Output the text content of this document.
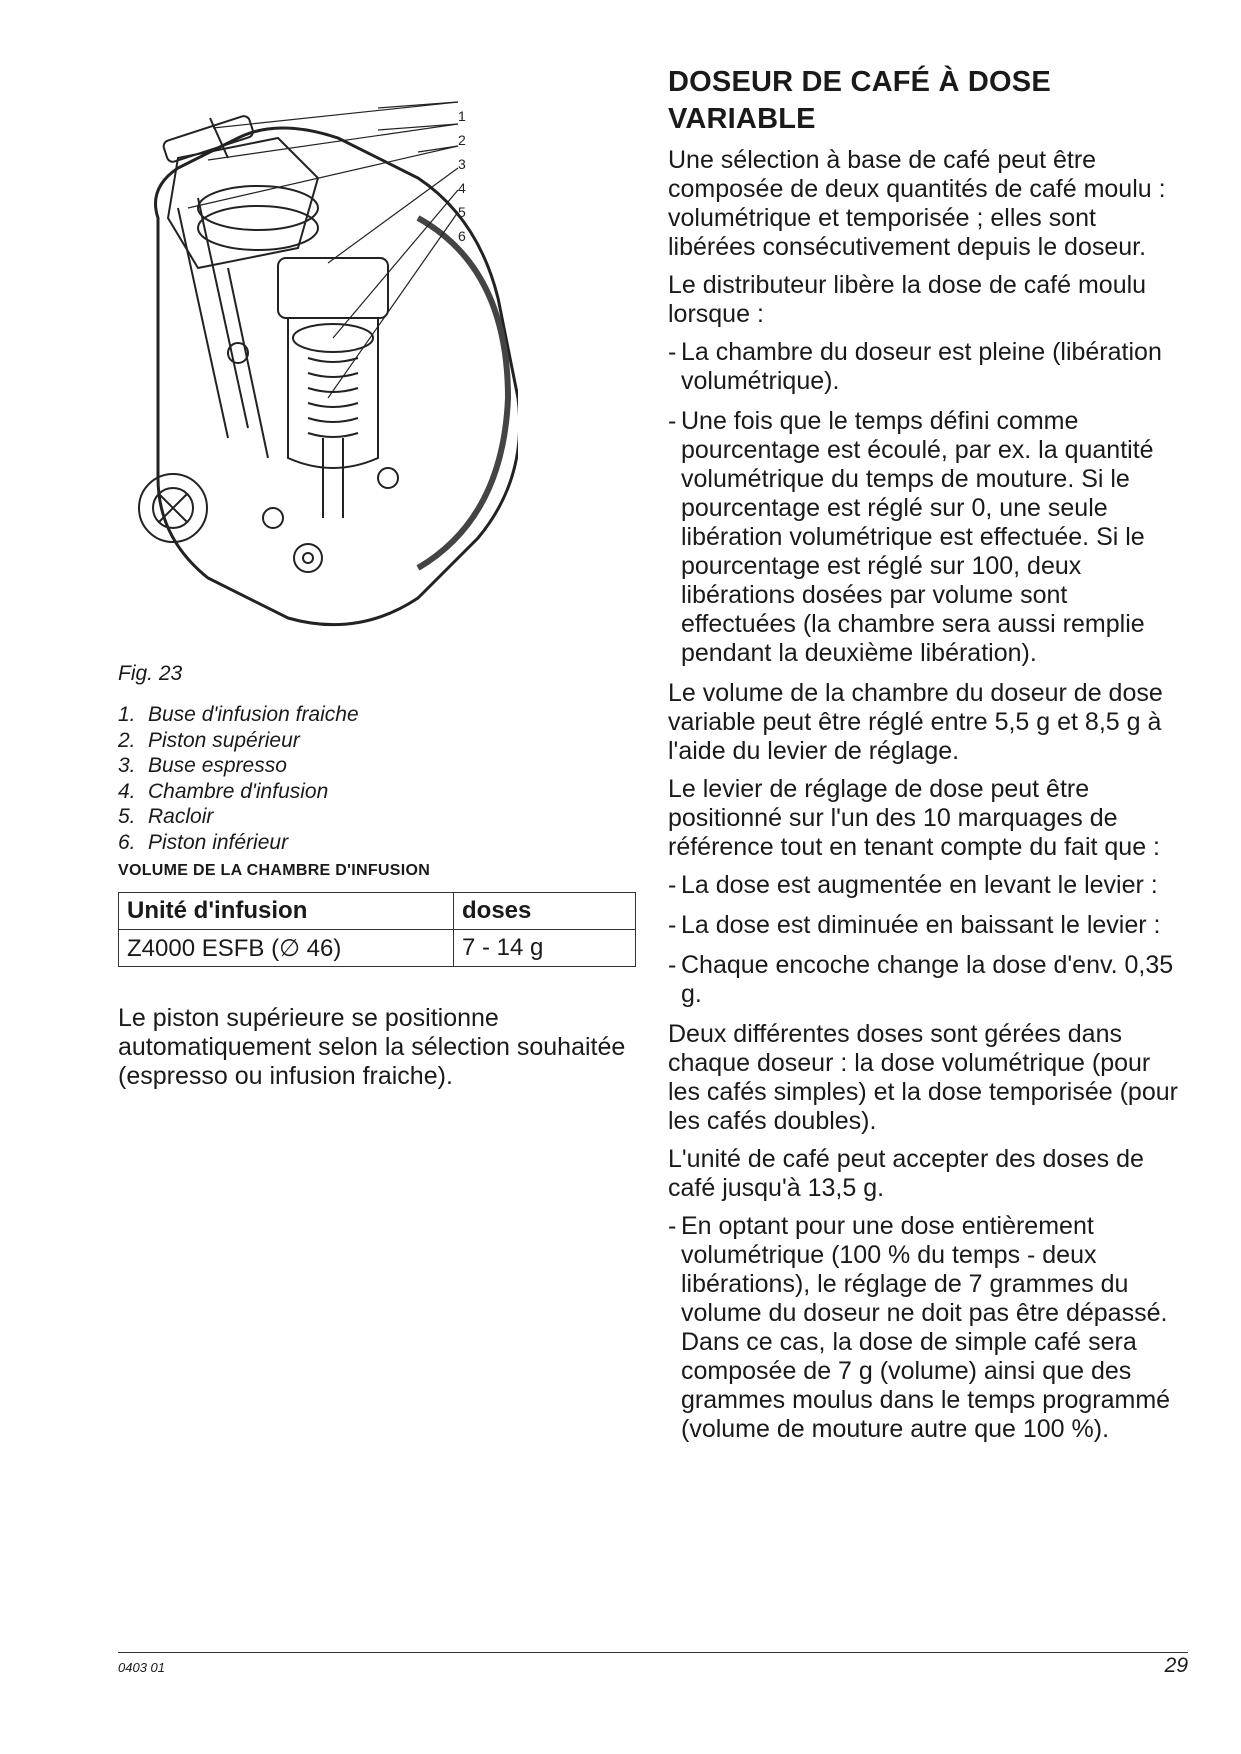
1
2
3
4
5
6
Fig. 23
1. Buse d'infusion fraiche
2. Piston supérieur
3. Buse espresso
4. Chambre d'infusion
5. Racloir
6. Piston inférieur
VOLUME DE LA CHAMBRE D'INFUSION
Unité d'infusion	doses
Z4000 ESFB (∅ 46)	7 - 14 g
Le piston supérieure se positionne automatiquement selon la sélection souhaitée (espresso ou infusion fraiche).
DOSEUR DE CAFÉ À DOSE VARIABLE

Une sélection à base de café peut être composée de deux quantités de café moulu : volumétrique et temporisée ; elles sont libérées consécutivement depuis le doseur.

Le distributeur libère la dose de café moulu lorsque :

- La chambre du doseur est pleine (libération volumétrique).
- Une fois que le temps défini comme pourcentage est écoulé, par ex. la quantité volumétrique du temps de mouture. Si le pourcentage est réglé sur 0, une seule libération volumétrique est effectuée. Si le pourcentage est réglé sur 100, deux libérations dosées par volume sont effectuées (la chambre sera aussi remplie pendant la deuxième libération).

Le volume de la chambre du doseur de dose variable peut être réglé entre 5,5 g et 8,5 g à l'aide du levier de réglage.

Le levier de réglage de dose peut être positionné sur l'un des 10 marquages de référence tout en tenant compte du fait que :

- La dose est augmentée en levant le levier :
- La dose est diminuée en baissant le levier :
- Chaque encoche change la dose d'env. 0,35 g.

Deux différentes doses sont gérées dans chaque doseur : la dose volumétrique (pour les cafés simples) et la dose temporisée (pour les cafés doubles).

L'unité de café peut accepter des doses de café jusqu'à 13,5 g.

- En optant pour une dose entièrement volumétrique (100 % du temps - deux libérations), le réglage de 7 grammes du volume du doseur ne doit pas être dépassé. Dans ce cas, la dose de simple café sera composée de 7 g (volume) ainsi que des grammes moulus dans le temps programmé (volume de mouture autre que 100 %).
0403 01	29
